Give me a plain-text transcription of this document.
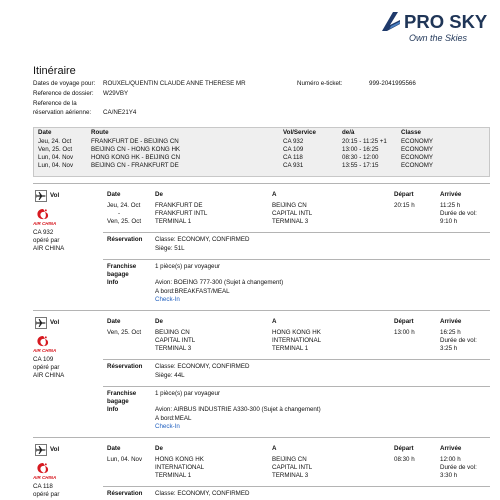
PRO SKY
Own the Skies
Itinéraire
Dates de voyage pour: ROUXEL/QUENTIN CLAUDE ANNE THERESE MR	Numéro e-ticket:	999-2041995566
Reference de dossier: W29VBY
Reference de la
réservation aérienne: CA/NE21Y4
Date	Route	Vol/Service	de/à	Classe
Jeu, 24. Oct	FRANKFURT DE - BEIJING CN	CA 932	20:15 - 11:25 +1 ECONOMY
Ven, 25. Oct	BEIJING CN - HONG KONG HK	CA 109	13:00 - 16:25	ECONOMY
Lun, 04. Nov	HONG KONG HK - BEIJING CN	CA 118	08:30 - 12:00	ECONOMY
Lun, 04. Nov	BEIJING CN - FRANKFURT DE	CA 931	13:55 - 17:15	ECONOMY
Vol
AIR CHINA
CA 932
opéré par
AIR CHINA
Date	De	A	Départ	Arrivée
Jeu, 24. Oct
-
Ven, 25. Oct
FRANKFURT DE
FRANKFURT INTL
TERMINAL 1
BEIJING CN
CAPITAL INTL
TERMINAL 3
20:15 h	11:25 h
Durée de vol:
9:10 h
Réservation Classe: ECONOMY, CONFIRMED
Siège: 51L
Franchise
bagage
Info
1 pièce(s) par voyageur
Avion: BOEING 777-300 (Sujet à changement)
A bord:BREAKFAST/MEAL
Check-In
Vol
AIR CHINA
CA 109
opéré par
AIR CHINA
Date	De	A	Départ	Arrivée
Ven, 25. Oct BEIJING CN
CAPITAL INTL
TERMINAL 3
HONG KONG HK
INTERNATIONAL
TERMINAL 1
13:00 h	16:25 h
Durée de vol:
3:25 h
Réservation Classe: ECONOMY, CONFIRMED
Siège: 44L
Franchise
bagage
Info
1 pièce(s) par voyageur
Avion: AIRBUS INDUSTRIE A330-300 (Sujet à changement)
A bord:MEAL
Check-In
Vol
AIR CHINA
CA 118
opéré par
Date	De	A	Départ	Arrivée
Lun, 04. Nov HONG KONG HK
INTERNATIONAL
TERMINAL 1
BEIJING CN
CAPITAL INTL
TERMINAL 3
08:30 h	12:00 h
Durée de vol:
3:30 h
Réservation Classe: ECONOMY, CONFIRMED
